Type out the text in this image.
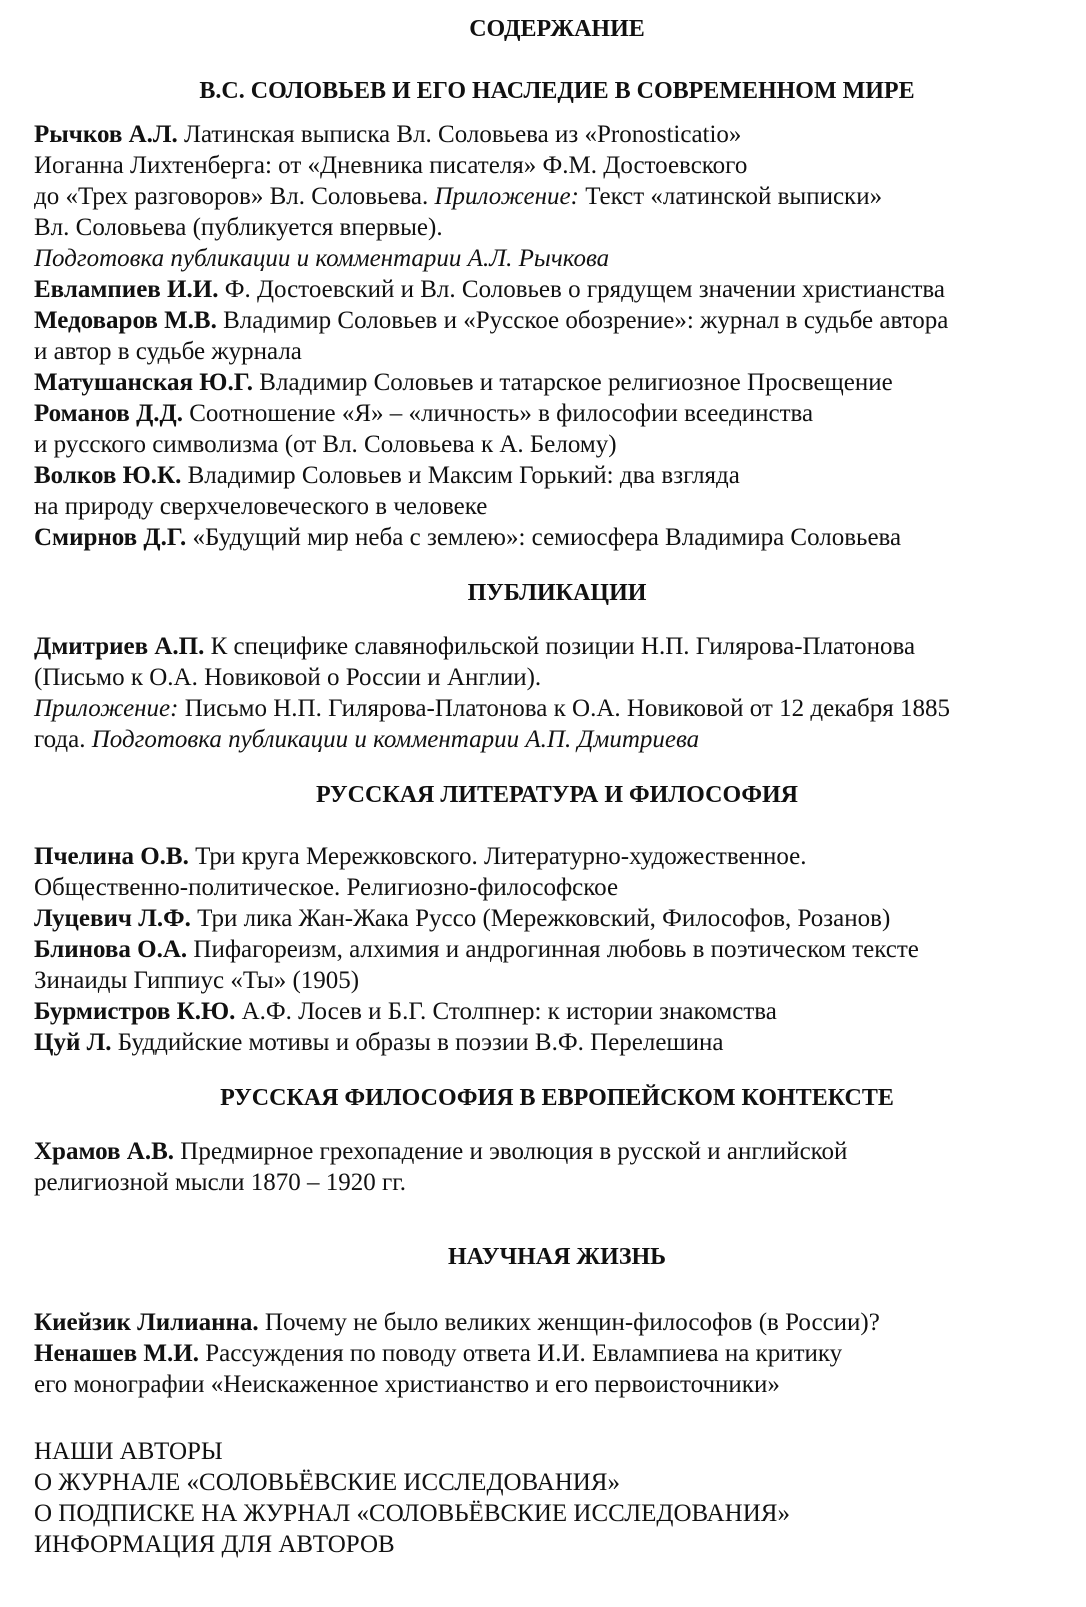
СОДЕРЖАНИЕ
В.С. СОЛОВЬЕВ И ЕГО НАСЛЕДИЕ В СОВРЕМЕННОМ МИРЕ

Рычков А.Л. Латинская выписка Вл. Соловьева из «Pronosticatio»

Иоганна Лихтенберга: от «Дневника писателя» Ф.М. Достоевского

до «Трех разговоров» Вл. Соловьева. Приложение: Текст «латинской выписки»

Вл. Соловьева (публикуется впервые).

Подготовка публикации и комментарии А.Л. Рычкова

Евлампиев И.И. Ф. Достоевский и Вл. Соловьев о грядущем значении христианства

Медоваров М.В. Владимир Соловьев и «Русское обозрение»: журнал в судьбе автора

и автор в судьбе журнала

Матушанская Ю.Г. Владимир Соловьев и татарское религиозное Просвещение

Романов Д.Д. Соотношение «Я» – «личность» в философии всеединства

и русского символизма (от Вл. Соловьева к А. Белому)

Волков Ю.К. Владимир Соловьев и Максим Горький: два взгляда

на природу сверхчеловеческого в человеке

Смирнов Д.Г. «Будущий мир неба с землею»: семиосфера Владимира Соловьева

ПУБЛИКАЦИИ

Дмитриев А.П. К специфике славянофильской позиции Н.П. Гилярова-Платонова

(Письмо к О.А. Новиковой о России и Англии).

Приложение: Письмо Н.П. Гилярова-Платонова к О.А. Новиковой от 12 декабря 1885

года. Подготовка публикации и комментарии А.П. Дмитриева

РУССКАЯ ЛИТЕРАТУРА И ФИЛОСОФИЯ

Пчелина О.В. Три круга Мережковского. Литературно-художественное.

Общественно-политическое. Религиозно-философское

Луцевич Л.Ф. Три лика Жан-Жака Руссо (Мережковский, Философов, Розанов)

Блинова О.А. Пифагореизм, алхимия и андрогинная любовь в поэтическом тексте

Зинаиды Гиппиус «Ты» (1905)

Бурмистров К.Ю. А.Ф. Лосев и Б.Г. Столпнер: к истории знакомства

Цуй Л. Буддийские мотивы и образы в поэзии В.Ф. Перелешина

РУССКАЯ ФИЛОСОФИЯ В ЕВРОПЕЙСКОМ КОНТЕКСТЕ

Храмов А.В. Предмирное грехопадение и эволюция в русской и английской

религиозной мысли 1870 – 1920 гг.

НАУЧНАЯ ЖИЗНЬ

Киейзик Лилианна. Почему не было великих женщин-философов (в России)?

Ненашев М.И. Рассуждения по поводу ответа И.И. Евлампиева на критику

его монографии «Неискаженное христианство и его первоисточники»

НАШИ АВТОРЫ

О ЖУРНАЛЕ «СОЛОВЬЁВСКИЕ ИССЛЕДОВАНИЯ»

О ПОДПИСКЕ НА ЖУРНАЛ «СОЛОВЬЁВСКИЕ ИССЛЕДОВАНИЯ»

ИНФОРМАЦИЯ ДЛЯ АВТОРОВ
